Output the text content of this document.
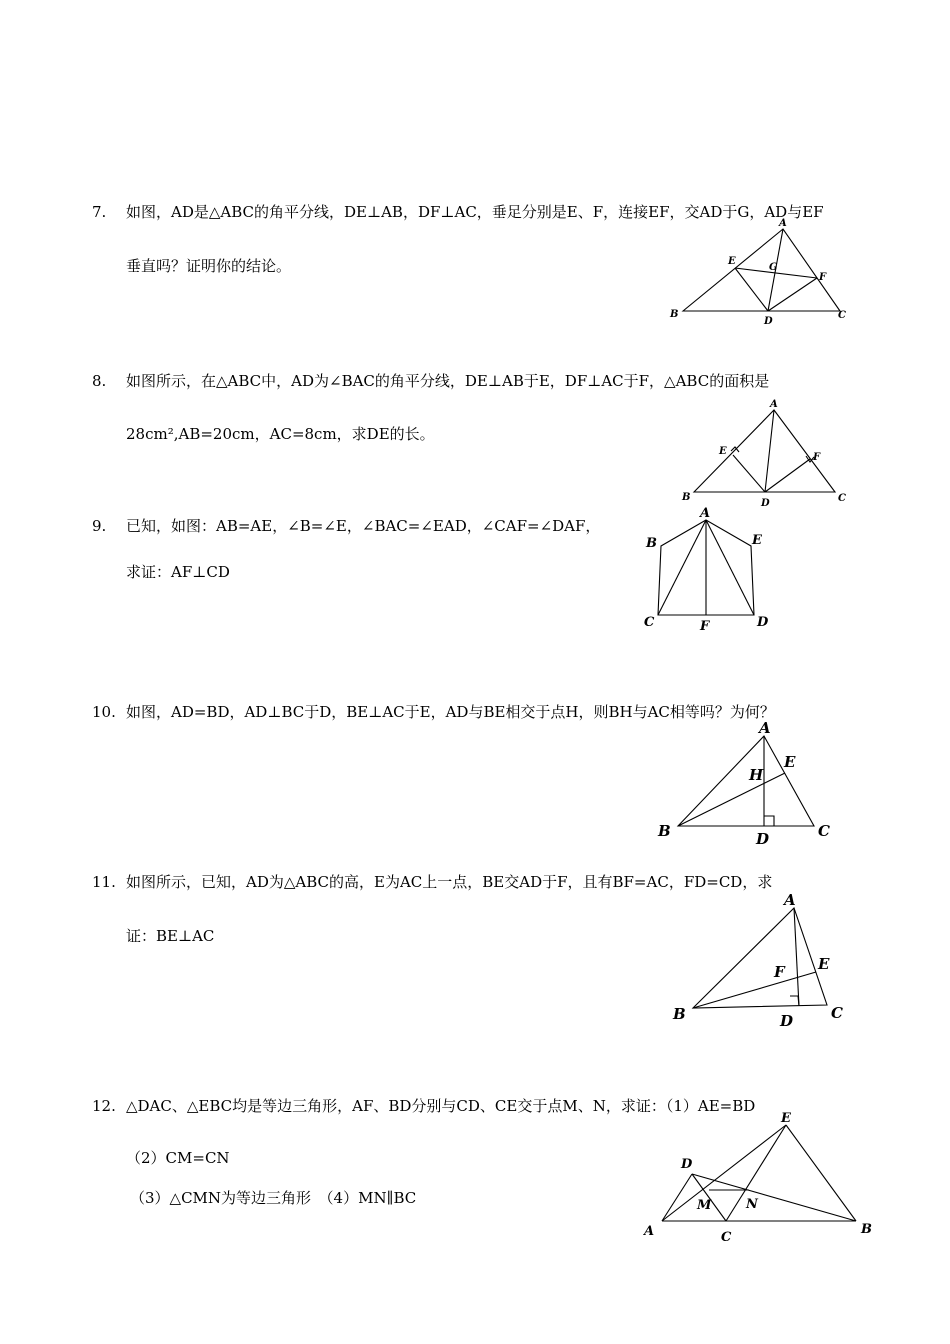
7. 如图，AD是△ABC的角平分线，DE⊥AB，DF⊥AC，垂足分别是E、F，连接EF，交AD于G，AD与EF
垂直吗？证明你的结论。
A
B	C
D
E
F
G
8. 如图所示，在△ABC中，AD为∠BAC的角平分线，DE⊥AB于E，DF⊥AC于F，△ABC的面积是
28cm²,AB=20cm，AC=8cm，求DE的长。
A
B	C
D
E
F
9. 已知，如图：AB=AE，∠B=∠E，∠BAC=∠EAD，∠CAF=∠DAF，
求证：AF⊥CD
A
B
C	D
E
F
10. 如图，AD=BD，AD⊥BC于D，BE⊥AC于E，AD与BE相交于点H，则BH与AC相等吗？为何？
A
B	C
D
E
H
11. 如图所示，已知，AD为△ABC的高，E为AC上一点，BE交AD于F，且有BF=AC，FD=CD，求
证：BE⊥AC
A
B	C
D
E
F
12. △DAC、△EBC均是等边三角形，AF、BD分别与CD、CE交于点M、N，求证：（1）AE=BD
（2）CM=CN
（3）△CMN为等边三角形　（4）MN∥BC
E
D
A	C
B
M	N
